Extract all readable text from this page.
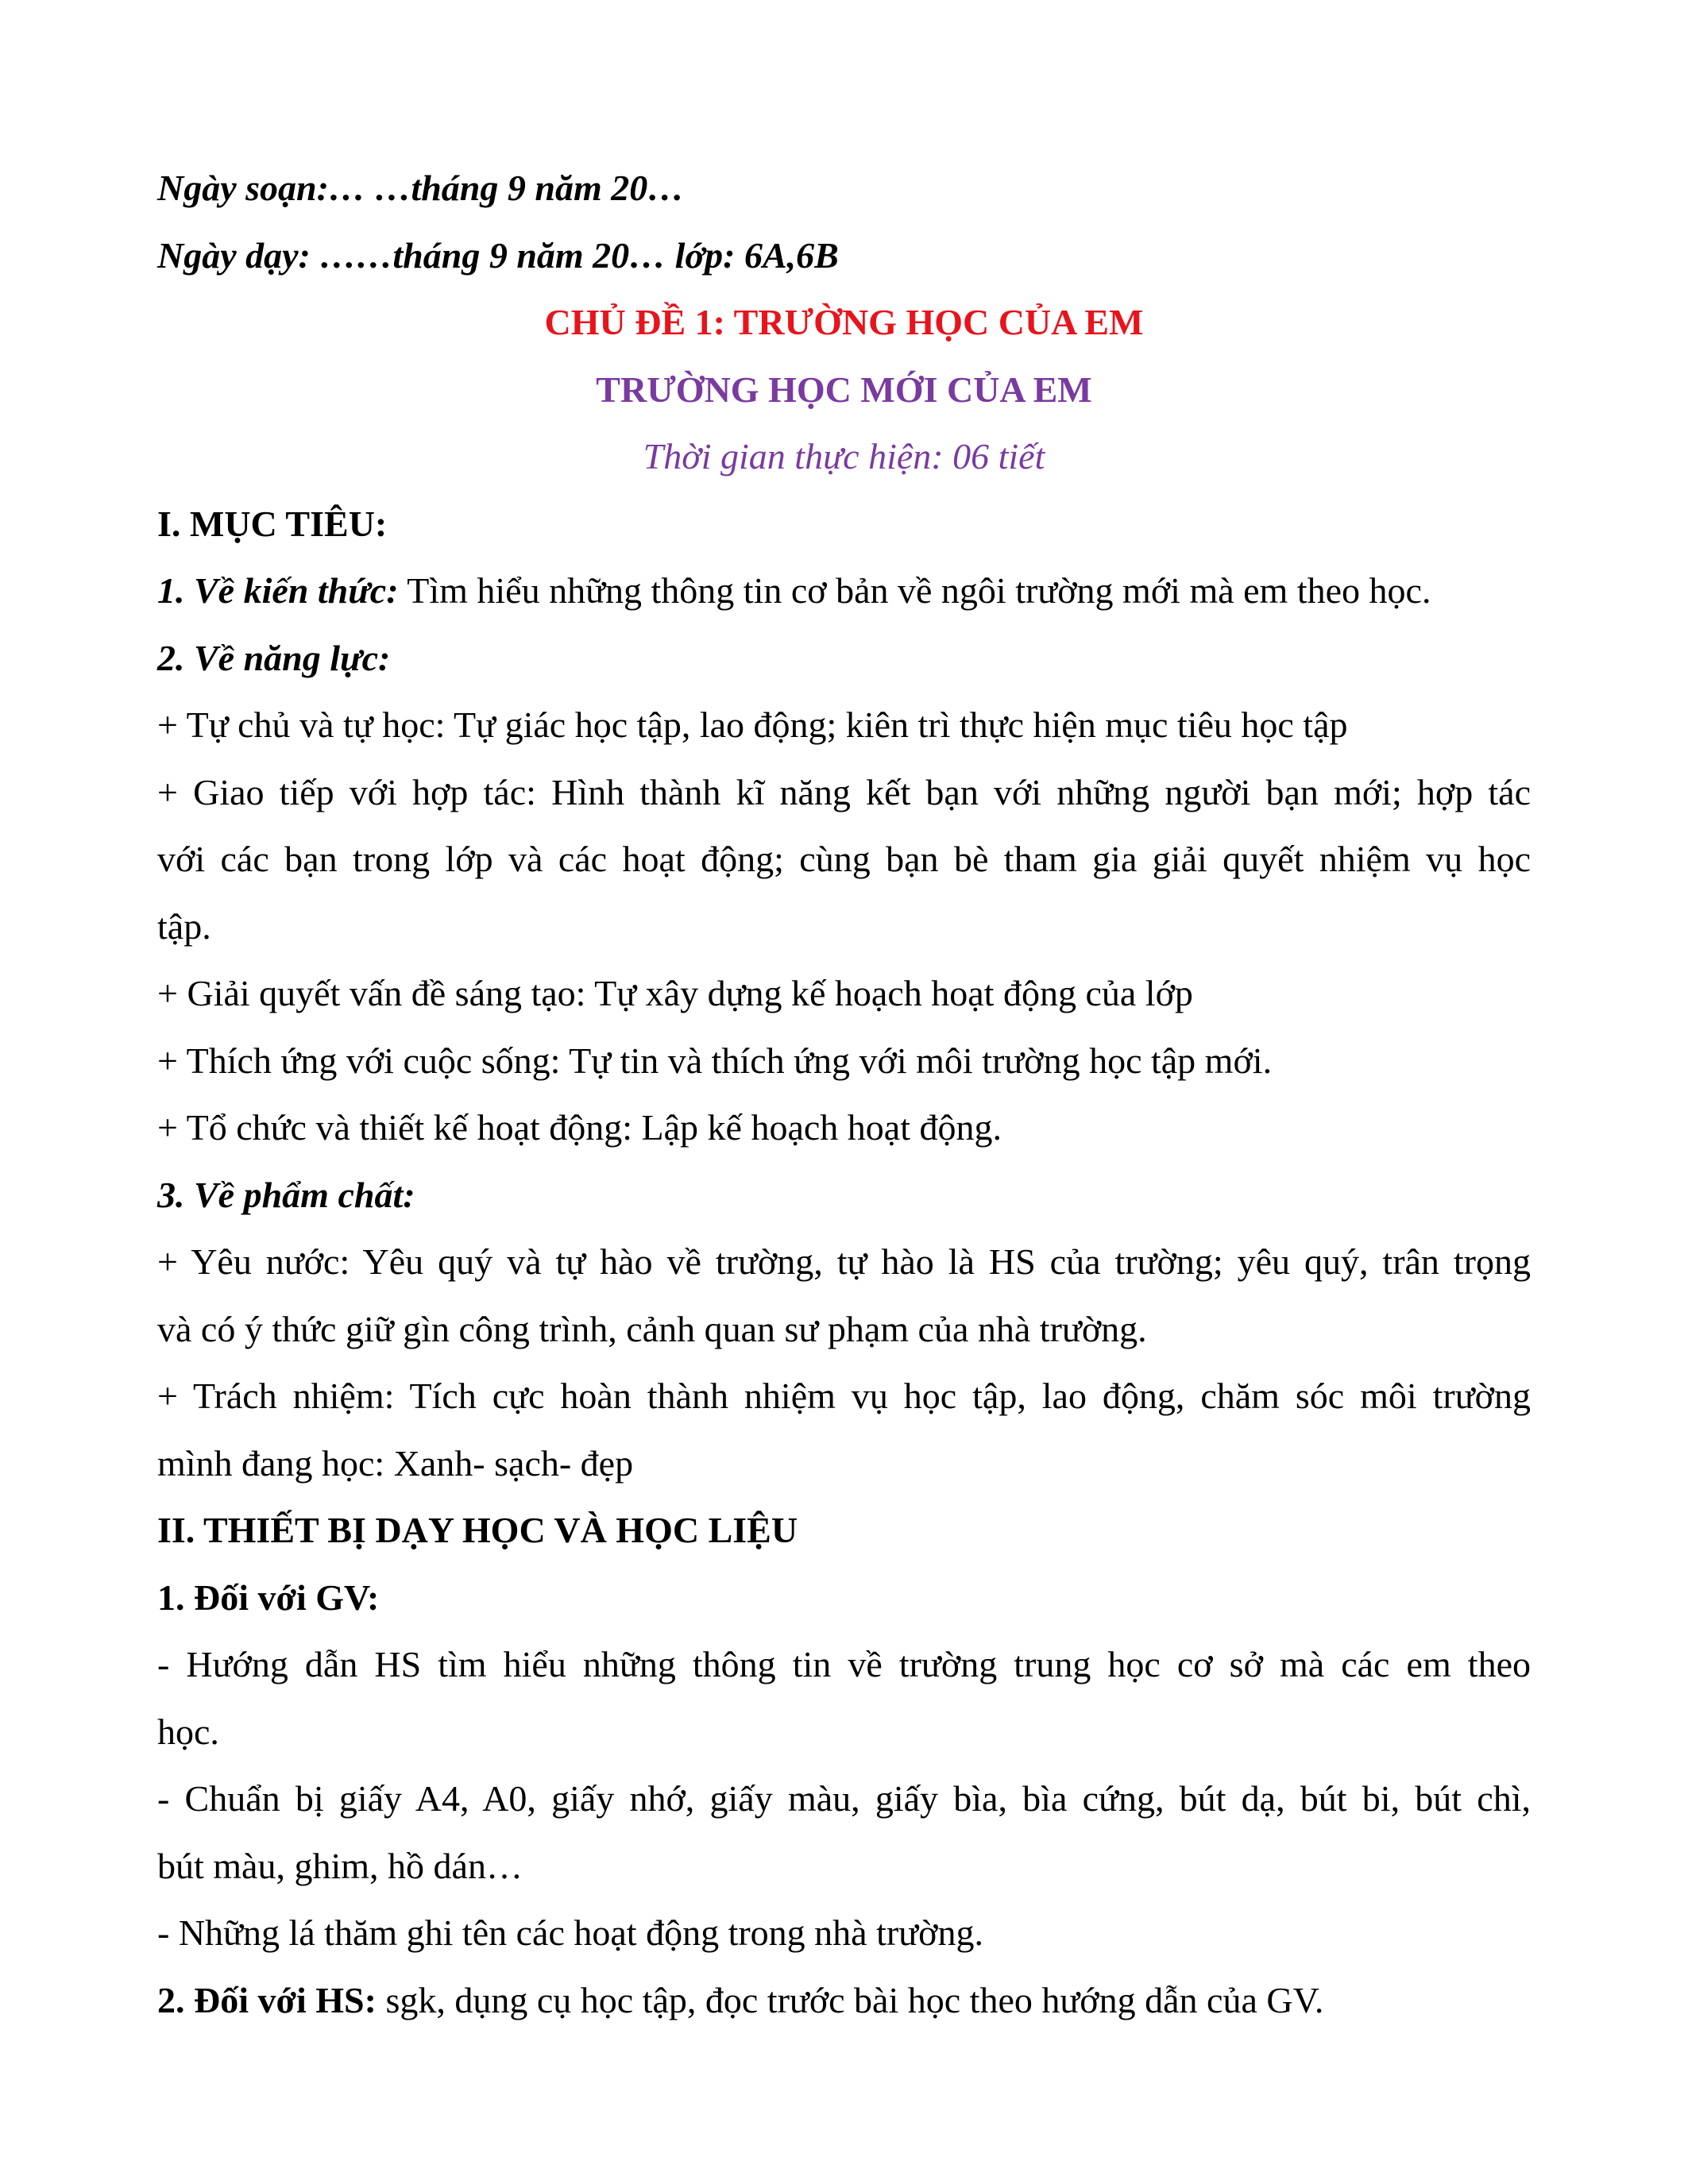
Ngày soạn:… …tháng 9 năm 20…
Ngày dạy: ……tháng 9 năm 20… lớp: 6A,6B
CHỦ ĐỀ 1: TRƯỜNG HỌC CỦA EM
TRƯỜNG HỌC MỚI CỦA EM
Thời gian thực hiện: 06 tiết
I. MỤC TIÊU:
1. Về kiến thức: Tìm hiểu những thông tin cơ bản về ngôi trường mới mà em theo học.
2. Về năng lực:
+ Tự chủ và tự học: Tự giác học tập, lao động; kiên trì thực hiện mục tiêu học tập
+ Giao tiếp với hợp tác: Hình thành kĩ năng kết bạn với những người bạn mới; hợp tác
với các bạn trong lớp và các hoạt động; cùng bạn bè tham gia giải quyết nhiệm vụ học
tập.
+ Giải quyết vấn đề sáng tạo: Tự xây dựng kế hoạch hoạt động của lớp
+ Thích ứng với cuộc sống: Tự tin và thích ứng với môi trường học tập mới.
+ Tổ chức và thiết kế hoạt động: Lập kế hoạch hoạt động.
3. Về phẩm chất:
+ Yêu nước: Yêu quý và tự hào về trường, tự hào là HS của trường; yêu quý, trân trọng
và có ý thức giữ gìn công trình, cảnh quan sư phạm của nhà trường.
+ Trách nhiệm: Tích cực hoàn thành nhiệm vụ học tập, lao động, chăm sóc môi trường
mình đang học: Xanh- sạch- đẹp
II. THIẾT BỊ DẠY HỌC VÀ HỌC LIỆU
1. Đối với GV:
- Hướng dẫn HS tìm hiểu những thông tin về trường trung học cơ sở mà các em theo
học.
- Chuẩn bị giấy A4, A0, giấy nhớ, giấy màu, giấy bìa, bìa cứng, bút dạ, bút bi, bút chì,
bút màu, ghim, hồ dán…
- Những lá thăm ghi tên các hoạt động trong nhà trường.
2. Đối với HS: sgk, dụng cụ học tập, đọc trước bài học theo hướng dẫn của GV.
